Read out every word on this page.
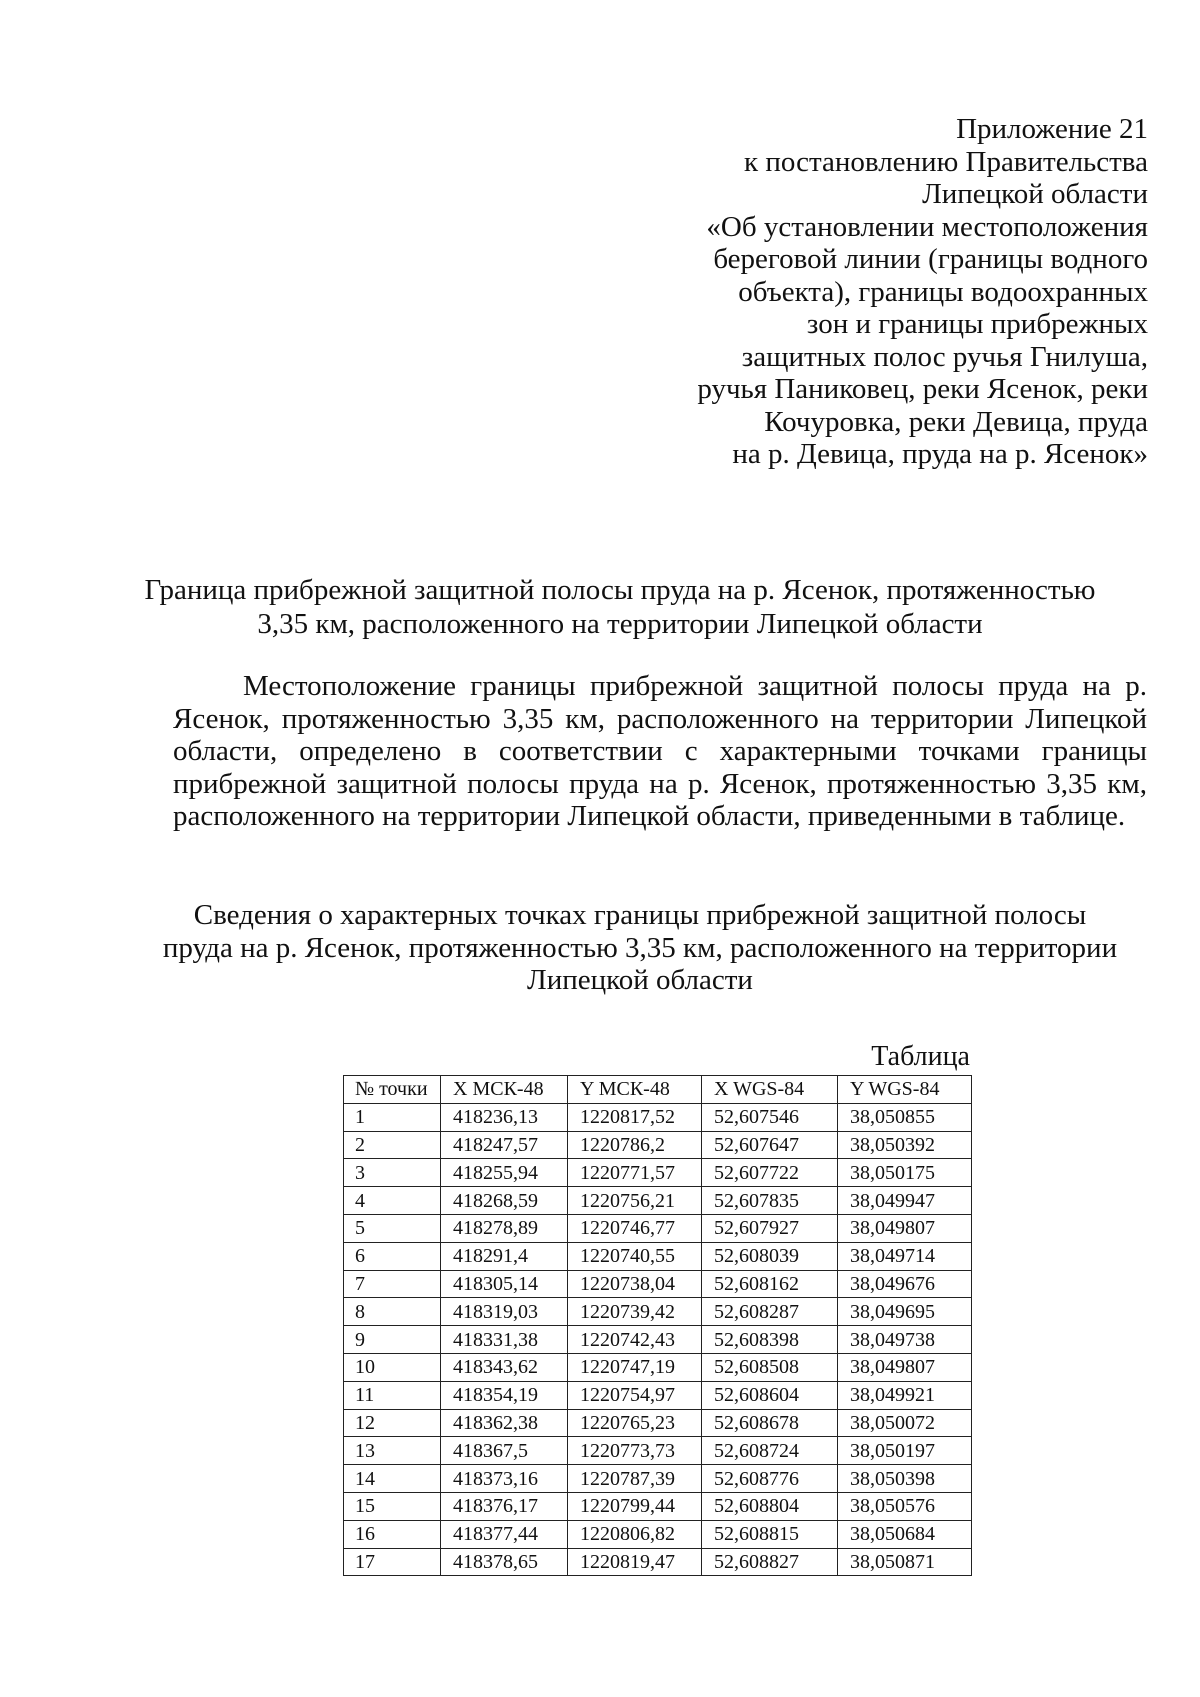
Приложение 21
к постановлению Правительства
Липецкой области
«Об установлении местоположения
береговой линии (границы водного
объекта), границы водоохранных
зон и границы прибрежных
защитных полос ручья Гнилуша,
ручья Паниковец, реки Ясенок, реки
Кочуровка, реки Девица, пруда
на р. Девица, пруда на р. Ясенок»
Граница прибрежной защитной полосы пруда на р. Ясенок, протяженностью
3,35 км, расположенного на территории Липецкой области

Местоположение границы прибрежной защитной полосы пруда на р. Ясенок, протяженностью 3,35 км, расположенного на территории Липецкой области, определено в соответствии с характерными точками границы прибрежной защитной полосы пруда на р. Ясенок, протяженностью 3,35 км, расположенного на территории Липецкой области, приведенными в таблице.

Сведения о характерных точках границы прибрежной защитной полосы
пруда на р. Ясенок, протяженностью 3,35 км, расположенного на территории
Липецкой области
Таблица
№ точки	X МСК-48	Y МСК-48	X WGS-84	Y WGS-84
1	418236,13	1220817,52	52,607546	38,050855
2	418247,57	1220786,2	52,607647	38,050392
3	418255,94	1220771,57	52,607722	38,050175
4	418268,59	1220756,21	52,607835	38,049947
5	418278,89	1220746,77	52,607927	38,049807
6	418291,4	1220740,55	52,608039	38,049714
7	418305,14	1220738,04	52,608162	38,049676
8	418319,03	1220739,42	52,608287	38,049695
9	418331,38	1220742,43	52,608398	38,049738
10	418343,62	1220747,19	52,608508	38,049807
11	418354,19	1220754,97	52,608604	38,049921
12	418362,38	1220765,23	52,608678	38,050072
13	418367,5	1220773,73	52,608724	38,050197
14	418373,16	1220787,39	52,608776	38,050398
15	418376,17	1220799,44	52,608804	38,050576
16	418377,44	1220806,82	52,608815	38,050684
17	418378,65	1220819,47	52,608827	38,050871
